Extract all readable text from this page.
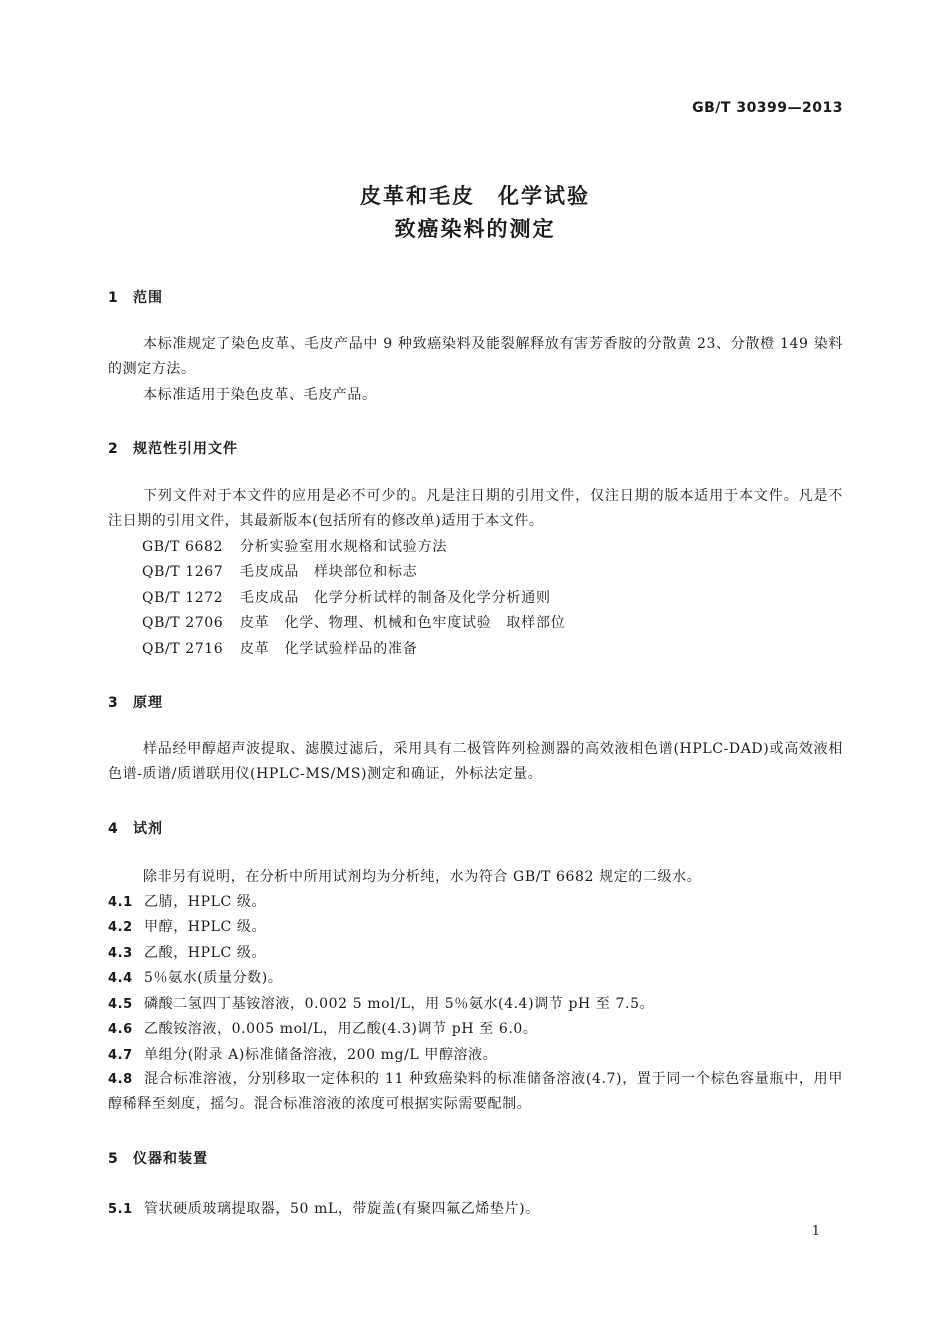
GB/T 30399—2013
皮革和毛皮　化学试验
致癌染料的测定
1 范围
本标准规定了染色皮革、毛皮产品中 9 种致癌染料及能裂解释放有害芳香胺的分散黄 23、分散橙 149 染料的测定方法。
本标准适用于染色皮革、毛皮产品。
2 规范性引用文件
下列文件对于本文件的应用是必不可少的。凡是注日期的引用文件，仅注日期的版本适用于本文件。凡是不注日期的引用文件，其最新版本(包括所有的修改单)适用于本文件。
GB/T 6682 分析实验室用水规格和试验方法
QB/T 1267 毛皮成品　样块部位和标志
QB/T 1272 毛皮成品　化学分析试样的制备及化学分析通则
QB/T 2706 皮革　化学、物理、机械和色牢度试验　取样部位
QB/T 2716 皮革　化学试验样品的准备
3 原理
样品经甲醇超声波提取、滤膜过滤后，采用具有二极管阵列检测器的高效液相色谱(HPLC-DAD)或高效液相色谱-质谱/质谱联用仪(HPLC-MS/MS)测定和确证，外标法定量。
4 试剂
除非另有说明，在分析中所用试剂均为分析纯，水为符合 GB/T 6682 规定的二级水。
4.1 乙腈，HPLC 级。
4.2 甲醇，HPLC 级。
4.3 乙酸，HPLC 级。
4.4 5％氨水(质量分数)。
4.5 磷酸二氢四丁基铵溶液，0.002 5 mol/L，用 5％氨水(4.4)调节 pH 至 7.5。
4.6 乙酸铵溶液，0.005 mol/L，用乙酸(4.3)调节 pH 至 6.0。
4.7 单组分(附录 A)标准储备溶液，200 mg/L 甲醇溶液。
4.8 混合标准溶液，分别移取一定体积的 11 种致癌染料的标准储备溶液(4.7)，置于同一个棕色容量瓶中，用甲醇稀释至刻度，摇匀。混合标准溶液的浓度可根据实际需要配制。
5 仪器和装置
5.1 管状硬质玻璃提取器，50 mL，带旋盖(有聚四氟乙烯垫片)。
1
